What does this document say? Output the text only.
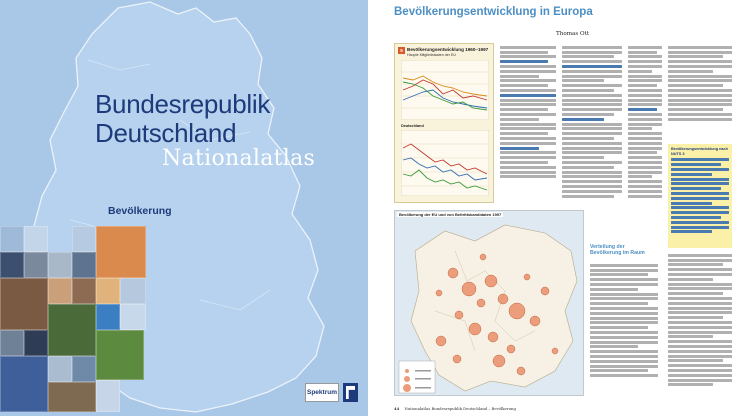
Bundesrepublik
Deutschland
Nationalatlas
Bevölkerung
Spektrum
Bevölkerungsentwicklung in Europa
Thomas Ott
5 Bevölkerungsentwicklung 1960–1997
Haupte Mitgliedstaaten der EU
Deutschland
Bevölkerungsentwicklung nach NUTS 3
Verteilung der Bevölkerung im Raum
Bevölkerung der EU und von Beitrittskandidaten 1997
44 Nationalatlas Bundesrepublik Deutschland – Bevölkerung
